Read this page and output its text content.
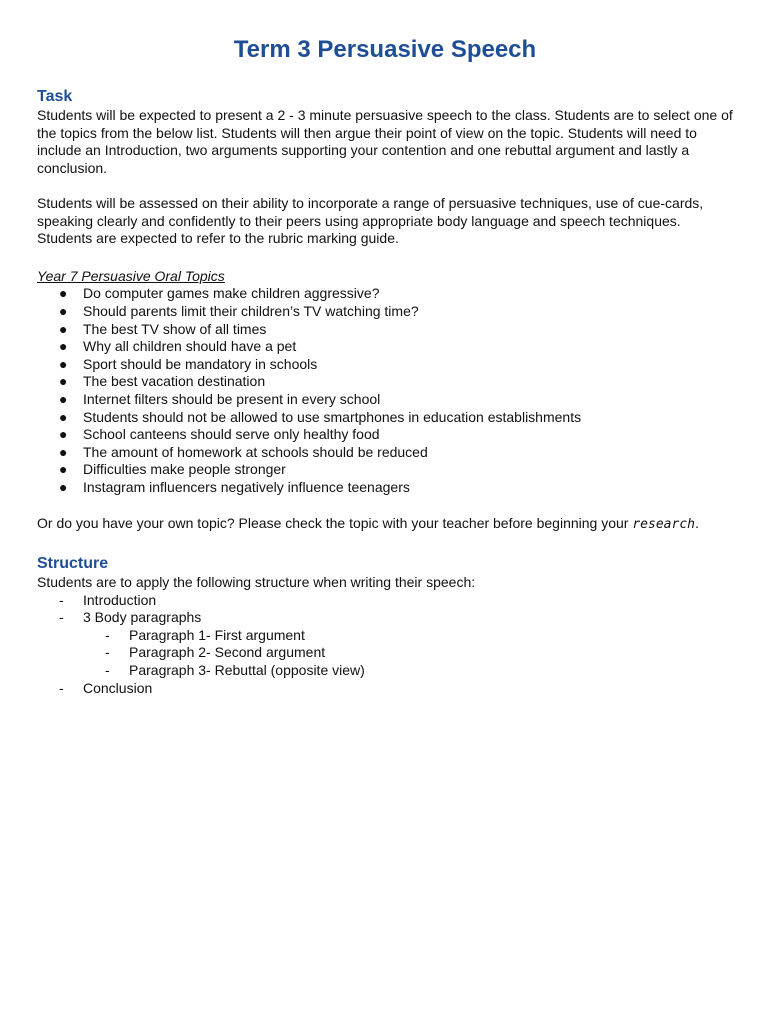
Term 3 Persuasive Speech
Task

Students will be expected to present a 2 - 3 minute persuasive speech to the class. Students are to select one of the topics from the below list. Students will then argue their point of view on the topic. Students will need to include an Introduction, two arguments supporting your contention and one rebuttal argument and lastly a conclusion.

Students will be assessed on their ability to incorporate a range of persuasive techniques, use of cue-cards, speaking clearly and confidently to their peers using appropriate body language and speech techniques. Students are expected to refer to the rubric marking guide.

Year 7 Persuasive Oral Topics

● Do computer games make children aggressive?
● Should parents limit their children’s TV watching time?
● The best TV show of all times
● Why all children should have a pet
● Sport should be mandatory in schools
● The best vacation destination
● Internet filters should be present in every school
● Students should not be allowed to use smartphones in education establishments
● School canteens should serve only healthy food
● The amount of homework at schools should be reduced
● Difficulties make people stronger
● Instagram influencers negatively influence teenagers

Or do you have your own topic? Please check the topic with your teacher before beginning your research.

Structure

Students are to apply the following structure when writing their speech:

- Introduction
- 3 Body paragraphs
- Paragraph 1- First argument
- Paragraph 2- Second argument
- Paragraph 3- Rebuttal (opposite view)
- Conclusion
